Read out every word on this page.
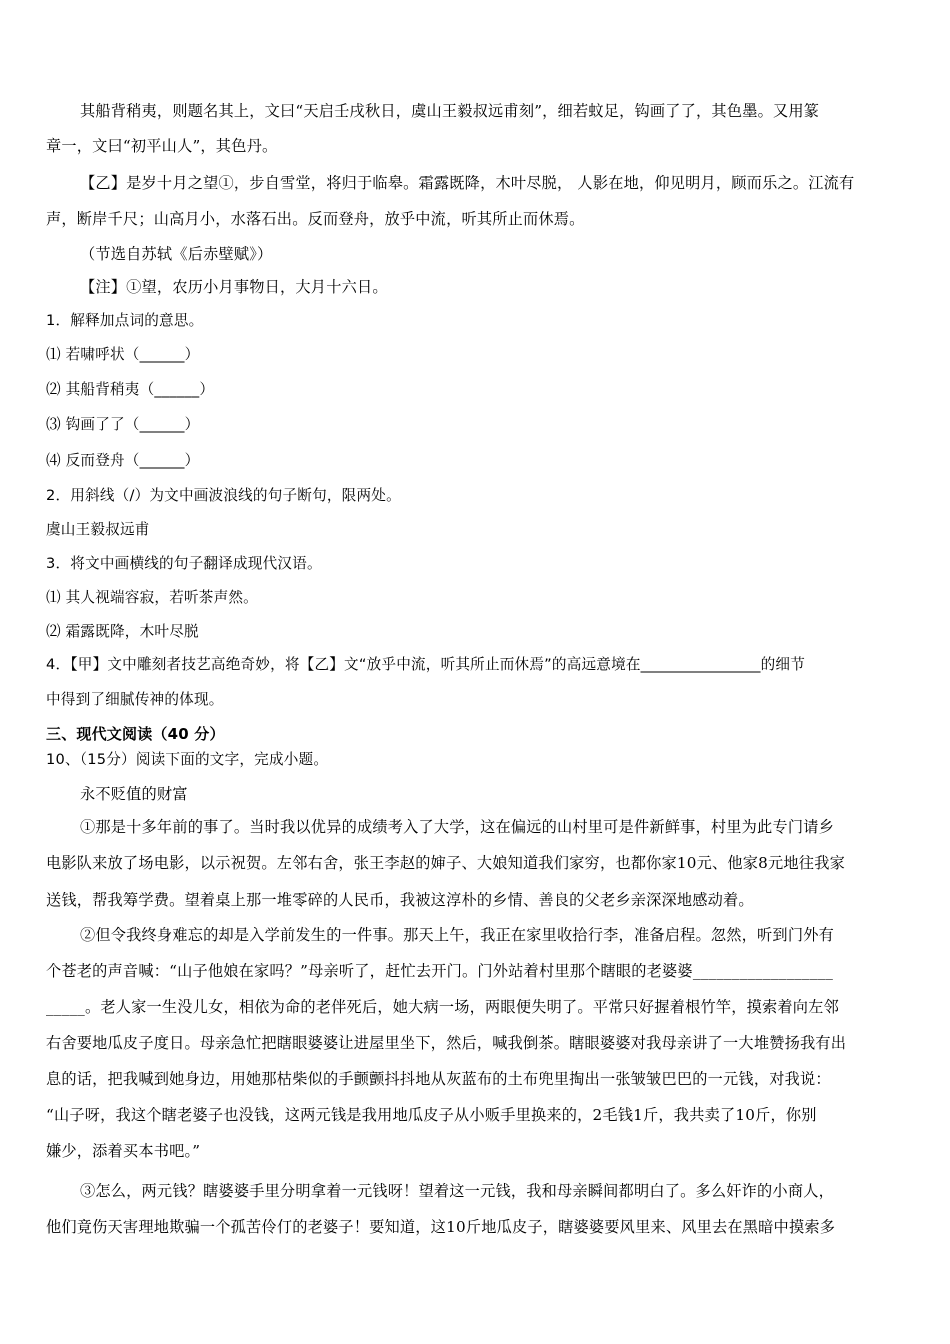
其船背稍夷，则题名其上，文曰“天启壬戌秋日，虞山王毅叔远甫刻”，细若蚊足，钩画了了，其色墨。又用篆
章一，文曰“初平山人”，其色丹。
【乙】是岁十月之望①，步自雪堂，将归于临皋。霜露既降，木叶尽脱， 人影在地，仰见明月，顾而乐之。江流有
声，断岸千尺；山高月小，水落石出。反而登舟，放乎中流，听其所止而休焉。
（节选自苏轼《后赤壁赋》）
【注】①望，农历小月事物日，大月十六日。
1．解释加点词的意思。
⑴ 若啸呼状（______）
⑵ 其船背稍夷（______）
⑶ 钩画了了（______）
⑷ 反而登舟（______）
2．用斜线（/）为文中画波浪线的句子断句，限两处。
虞山王毅叔远甫
3．将文中画横线的句子翻译成现代汉语。
⑴ 其人视端容寂，若听茶声然。
⑵ 霜露既降，木叶尽脱
4．【甲】文中雕刻者技艺高绝奇妙，将【乙】文“放乎中流，听其所止而休焉”的高远意境在________________的细节
中得到了细腻传神的体现。
三、现代文阅读（40 分）
10、（15分）阅读下面的文字，完成小题。
永不贬值的财富
①那是十多年前的事了。当时我以优异的成绩考入了大学，这在偏远的山村里可是件新鲜事，村里为此专门请乡
电影队来放了场电影，以示祝贺。左邻右舍，张王李赵的婶子、大娘知道我们家穷，也都你家10元、他家8元地往我家
送钱，帮我筹学费。望着桌上那一堆零碎的人民币，我被这淳朴的乡情、善良的父老乡亲深深地感动着。
②但令我终身难忘的却是入学前发生的一件事。那天上午，我正在家里收拾行李，准备启程。忽然，听到门外有
个苍老的声音喊：“山子他娘在家吗？”母亲听了，赶忙去开门。门外站着村里那个瞎眼的老婆婆__________________
_____。老人家一生没儿女，相依为命的老伴死后，她大病一场，两眼便失明了。平常只好握着根竹竿，摸索着向左邻
右舍要地瓜皮子度日。母亲急忙把瞎眼婆婆让进屋里坐下，然后，喊我倒茶。瞎眼婆婆对我母亲讲了一大堆赞扬我有出
息的话，把我喊到她身边，用她那枯柴似的手颤颤抖抖地从灰蓝布的土布兜里掏出一张皱皱巴巴的一元钱，对我说：
“山子呀，我这个瞎老婆子也没钱，这两元钱是我用地瓜皮子从小贩手里换来的，2毛钱1斤，我共卖了10斤，你别
嫌少，添着买本书吧。”
③怎么，两元钱？瞎婆婆手里分明拿着一元钱呀！望着这一元钱，我和母亲瞬间都明白了。多么奸诈的小商人，
他们竟伤天害理地欺骗一个孤苦伶仃的老婆子！要知道，这10斤地瓜皮子，瞎婆婆要风里来、风里去在黑暗中摸索多
